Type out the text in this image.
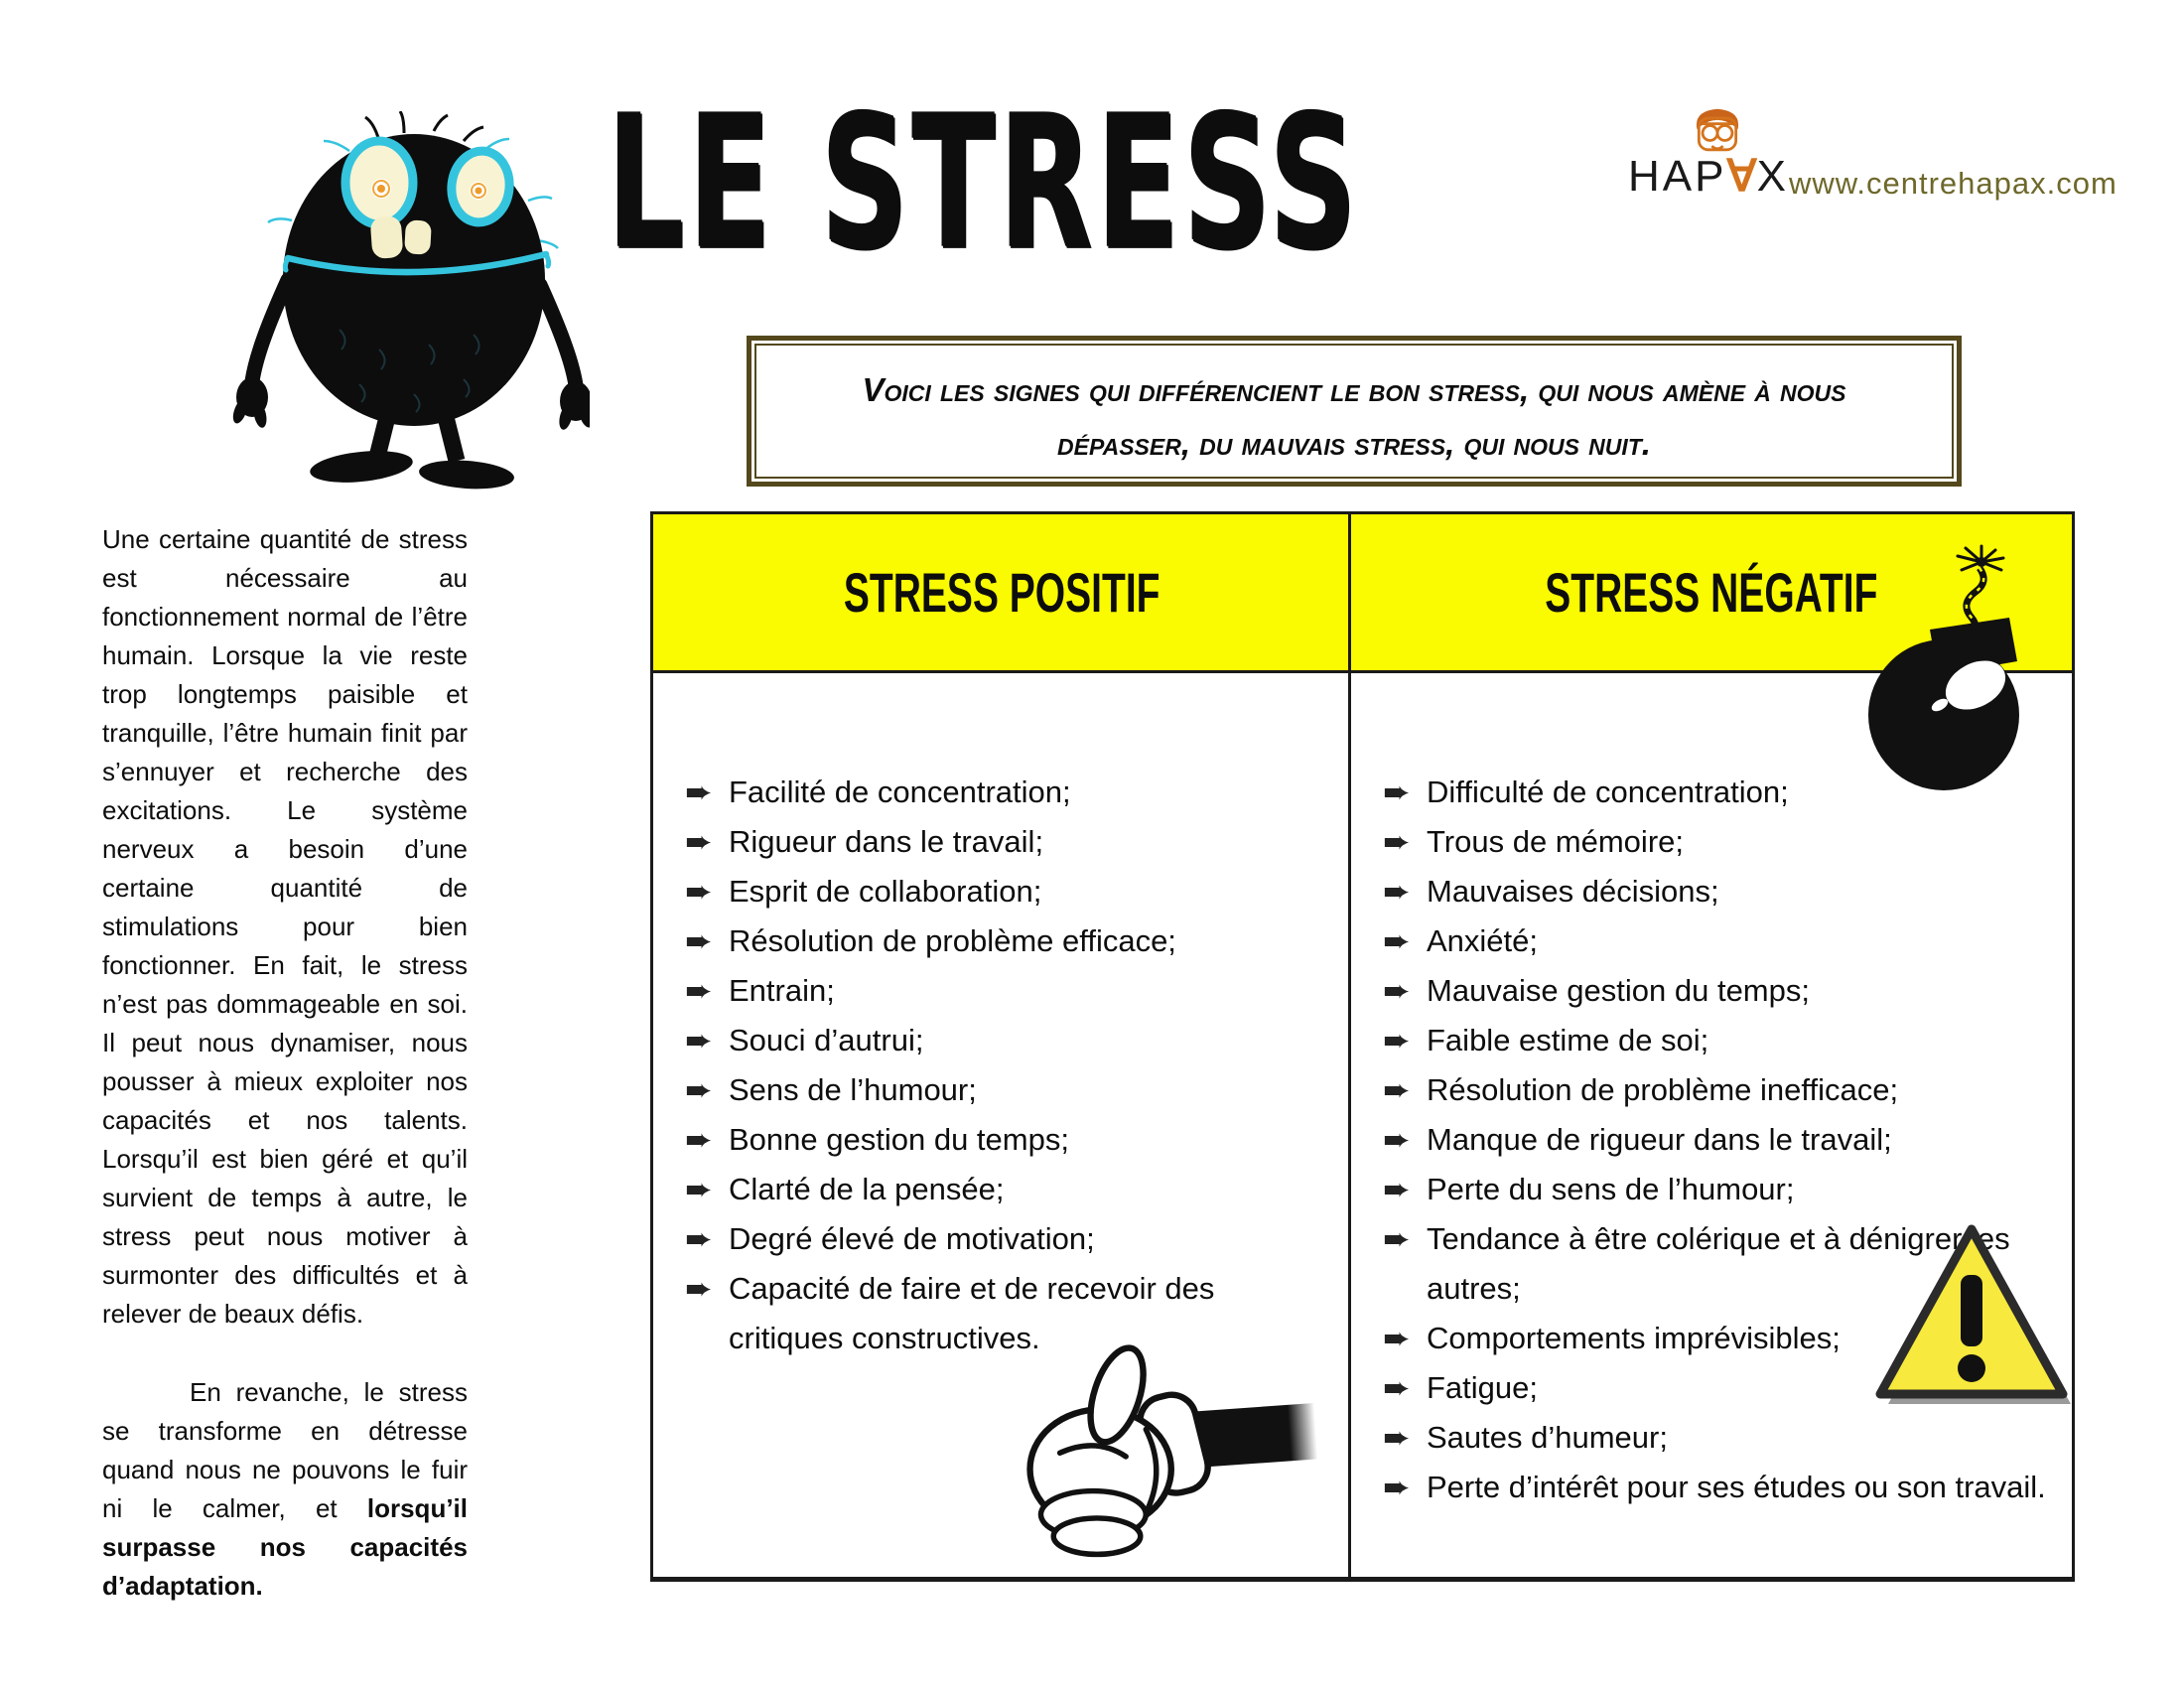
LE STRESS	HAP∀Xwww.centrehapax.com
Voici les signes qui différencient le bon stress, qui nous amène à nous dépasser, du mauvais stress, qui nous nuit.

Une certaine quantité de stress est nécessaire au fonctionnement normal de l’être humain. Lorsque la vie reste trop longtemps paisible et tranquille, l’être humain finit par s’ennuyer et recherche des excitations. Le système nerveux a besoin d’une certaine quantité de stimulations pour bien fonctionner. En fait, le stress n’est pas dommageable en soi. Il peut nous dynamiser, nous pousser à mieux exploiter nos capacités et nos talents. Lorsqu’il est bien géré et qu’il survient de temps à autre, le stress peut nous motiver à surmonter des difficultés et à relever de beaux défis.

En revanche, le stress se transforme en détresse quand nous ne pouvons le fuir ni le calmer, et lorsqu’il surpasse nos capacités d’adaptation.

STRESS POSITIF	STRESS NÉGATIF
➨ Facilité de concentration;
➨ Rigueur dans le travail;
➨ Esprit de collaboration;
➨ Résolution de problème efficace;
➨ Entrain;
➨ Souci d’autrui;
➨ Sens de l’humour;
➨ Bonne gestion du temps;
➨ Clarté de la pensée;
➨ Degré élevé de motivation;
➨ Capacité de faire et de recevoir des critiques constructives.
➨ Difficulté de concentration;
➨ Trous de mémoire;
➨ Mauvaises décisions;
➨ Anxiété;
➨ Mauvaise gestion du temps;
➨ Faible estime de soi;
➨ Résolution de problème inefficace;
➨ Manque de rigueur dans le travail;
➨ Perte du sens de l’humour;
➨ Tendance à être colérique et à dénigrer les autres;
➨ Comportements imprévisibles;
➨ Fatigue;
➨ Sautes d’humeur;
➨ Perte d’intérêt pour ses études ou son travail.
